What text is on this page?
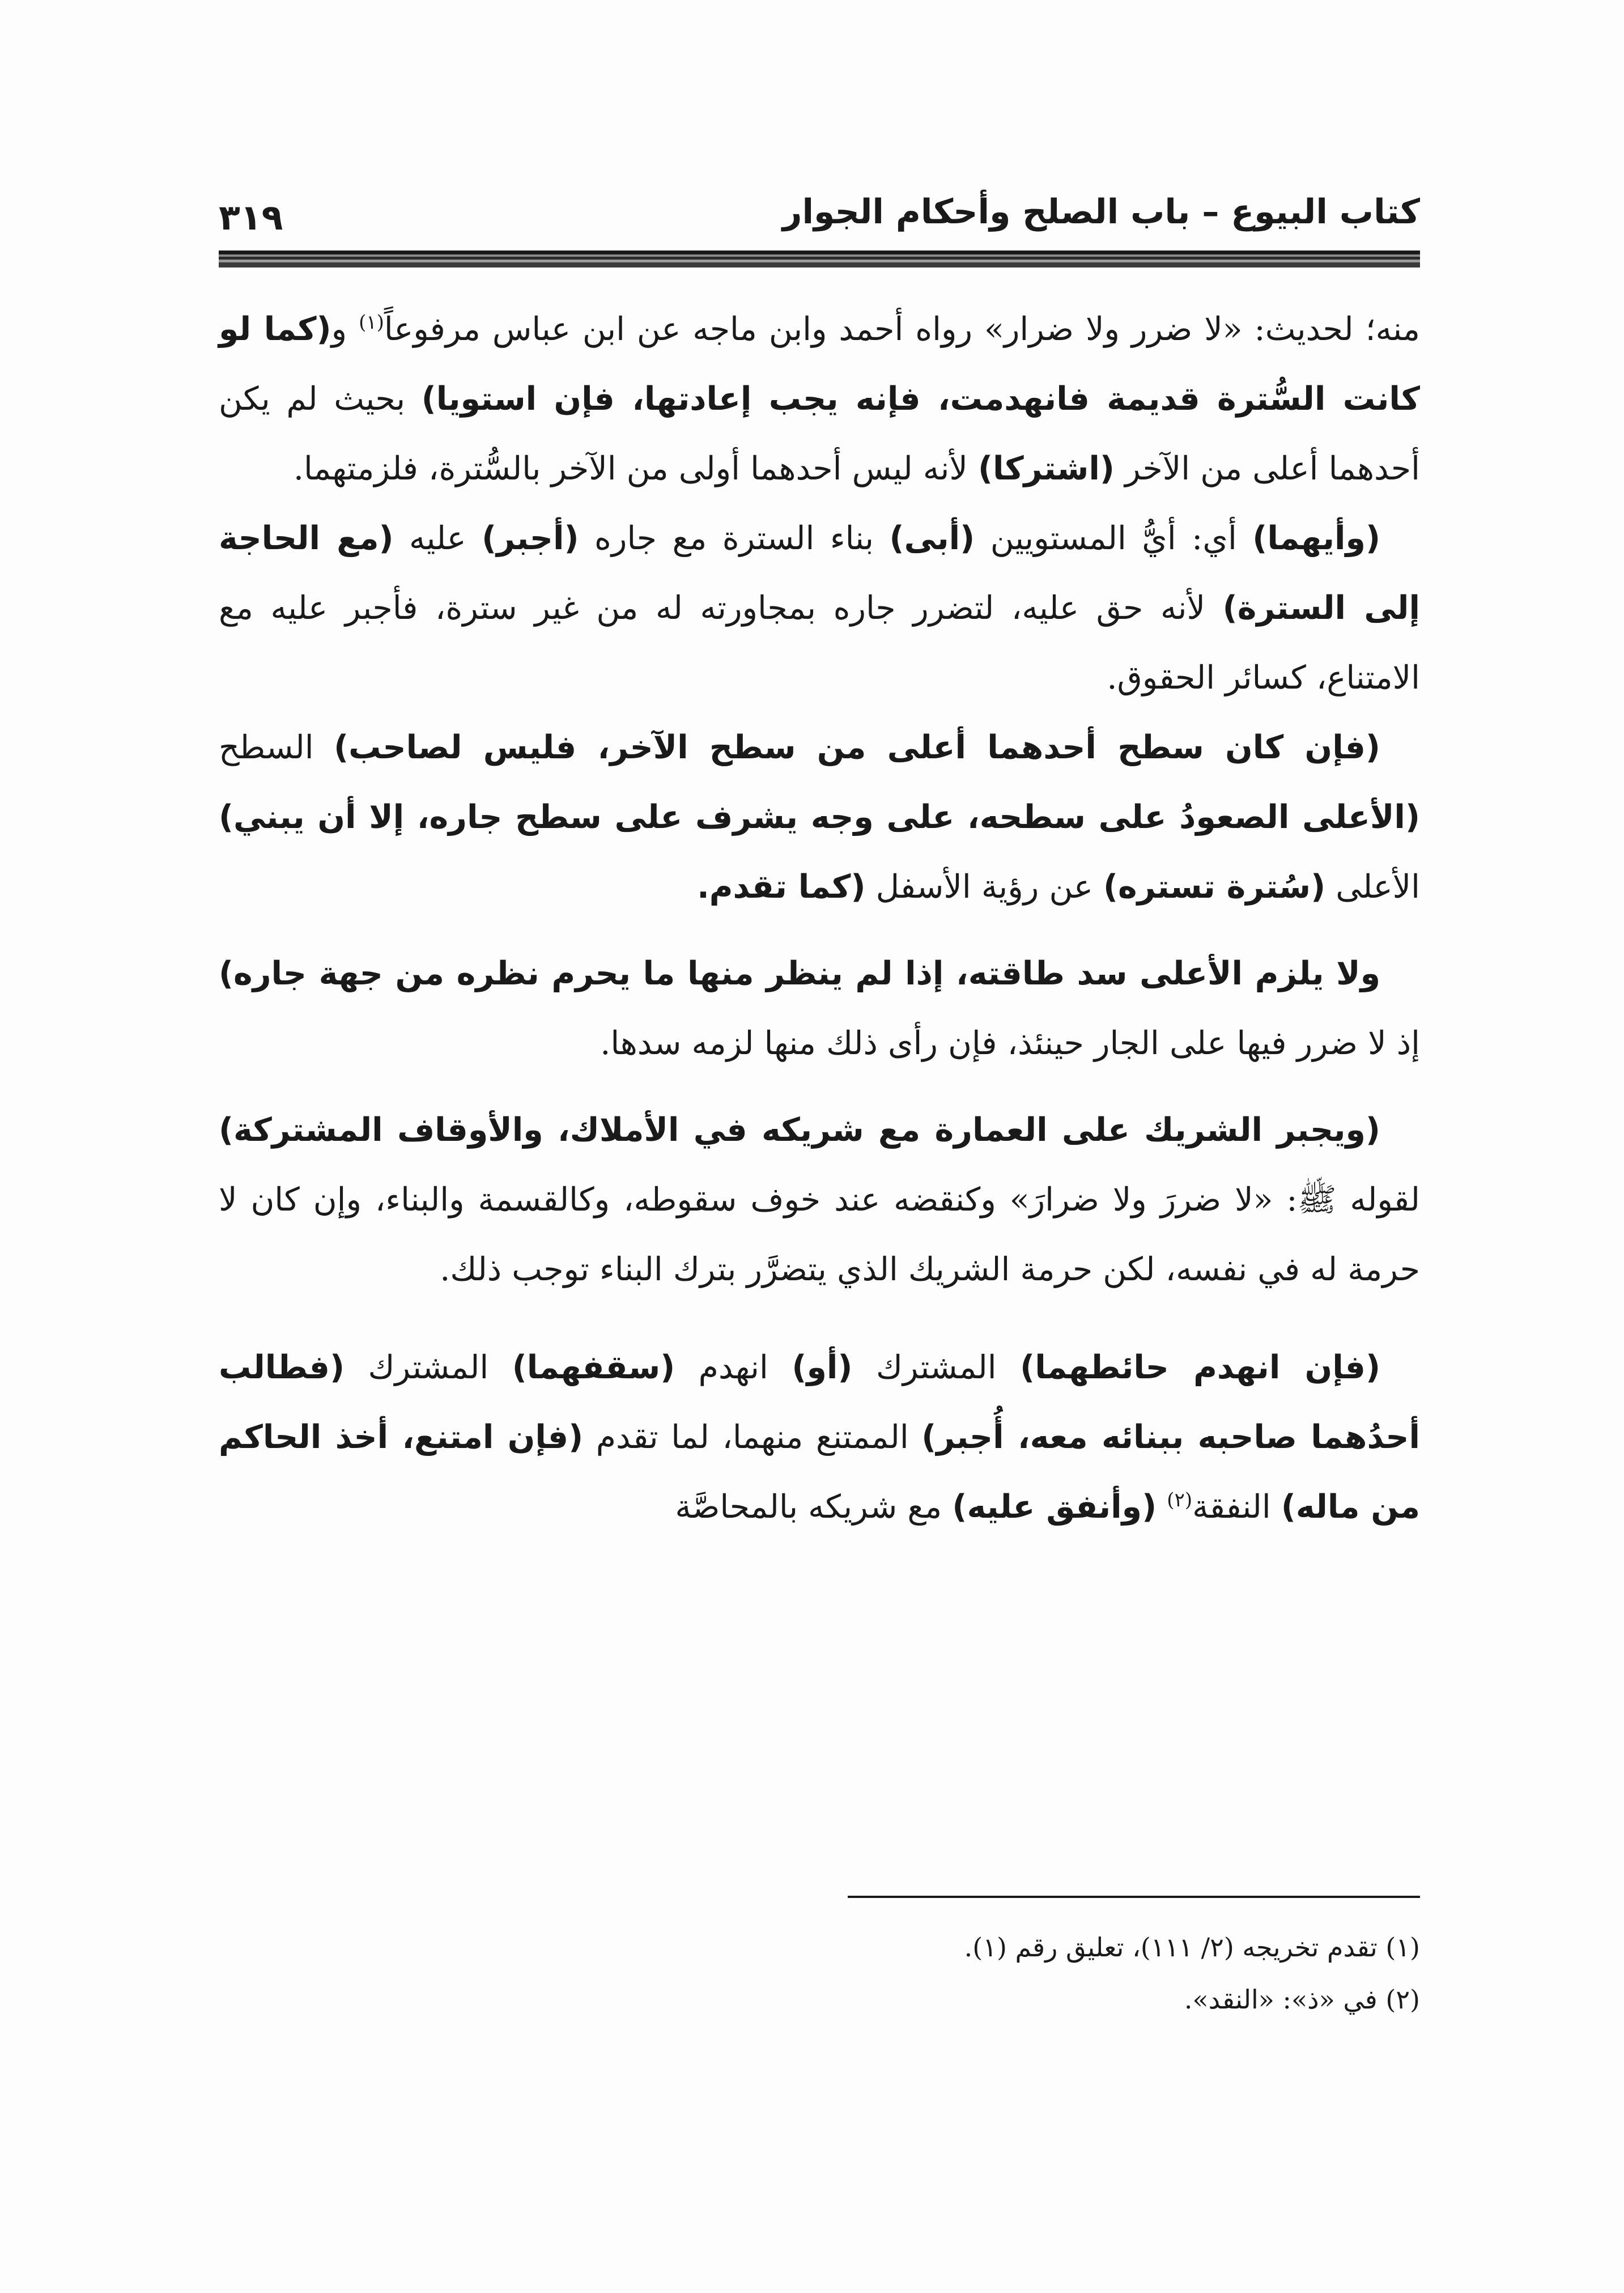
كتاب البيوع – باب الصلح وأحكام الجوار
٣١٩

منه؛ لحديث: «لا ضرر ولا ضرار» رواه أحمد وابن ماجه عن ابن عباس مرفوعاً$^{(١)}$ و(كما لو كانت السُّترة قديمة فانهدمت، فإنه يجب إعادتها، فإن استويا) بحيث لم يكن أحدهما أعلى من الآخر (اشتركا) لأنه ليس أحدهما أولى من الآخر بالسُّترة، فلزمتهما.

(وأيهما) أي: أيُّ المستويين (أبى) بناء السترة مع جاره (أجبر) عليه (مع الحاجة إلى السترة) لأنه حق عليه، لتضرر جاره بمجاورته له من غير سترة، فأجبر عليه مع الامتناع، كسائر الحقوق.

(فإن كان سطح أحدهما أعلى من سطح الآخر، فليس لصاحب) السطح (الأعلى الصعودُ على سطحه، على وجه يشرف على سطح جاره، إلا أن يبني) الأعلى (سُترة تستره) عن رؤية الأسفل (كما تقدم.

ولا يلزم الأعلى سد طاقته، إذا لم ينظر منها ما يحرم نظره من جهة جاره) إذ لا ضرر فيها على الجار حينئذ، فإن رأى ذلك منها لزمه سدها.

(ويجبر الشريك على العمارة مع شريكه في الأملاك، والأوقاف المشتركة) لقوله ﷺ: «لا ضررَ ولا ضرارَ» وكنقضه عند خوف سقوطه، وكالقسمة والبناء، وإن كان لا حرمة له في نفسه، لكن حرمة الشريك الذي يتضرَّر بترك البناء توجب ذلك.

(فإن انهدم حائطهما) المشترك (أو) انهدم (سقفهما) المشترك (فطالب أحدُهما صاحبه ببنائه معه، أُجبر) الممتنع منهما، لما تقدم (فإن امتنع، أخذ الحاكم من ماله) النفقة$^{(٢)}$ (وأنفق عليه) مع شريكه بالمحاصَّة

(١) تقدم تخريجه (٢/ ١١١)، تعليق رقم (١).
(٢) في «ذ»: «النقد».
